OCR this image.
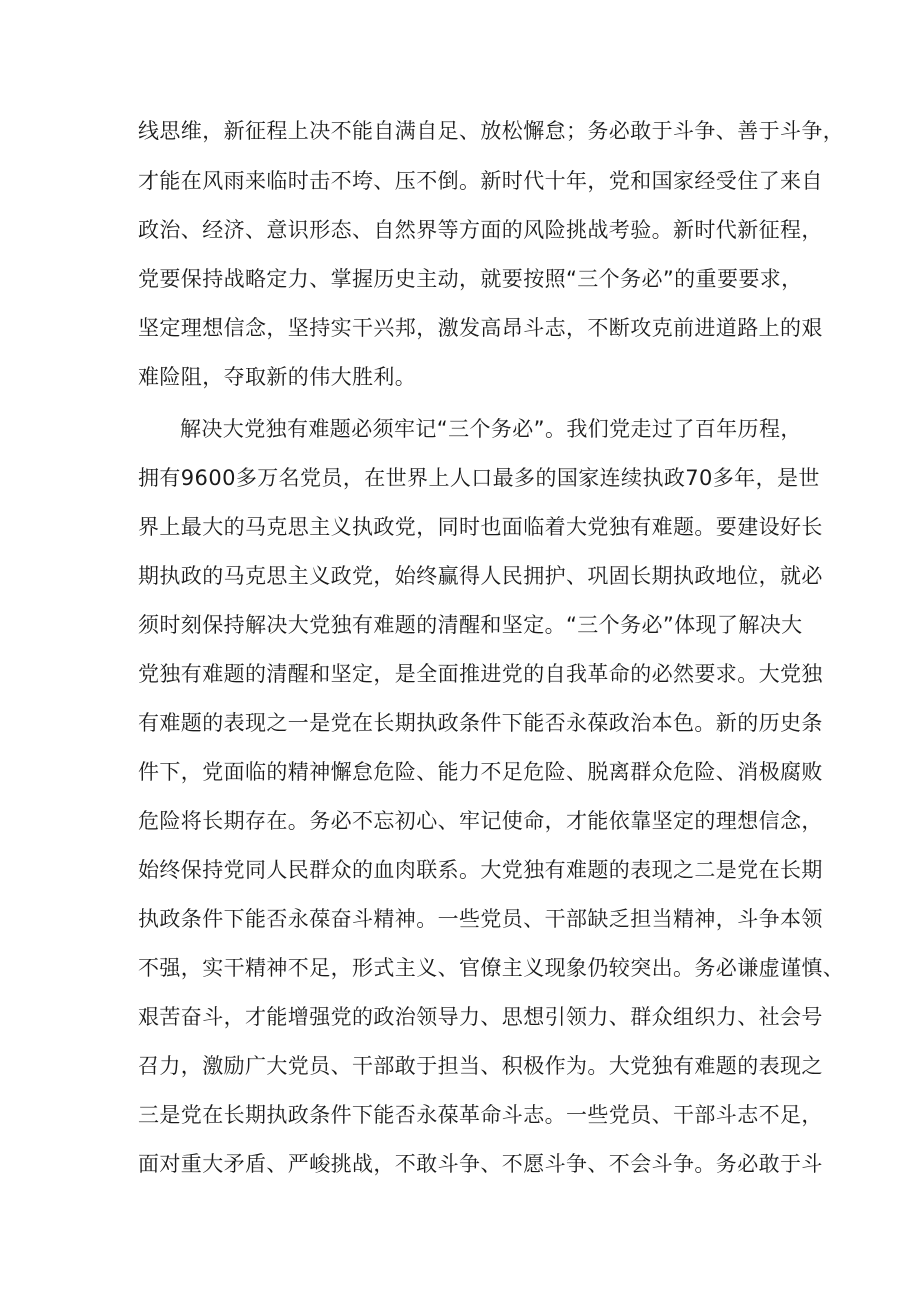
线思维，新征程上决不能自满自足、放松懈怠；务必敢于斗争、善于斗争，
才能在风雨来临时击不垮、压不倒。新时代十年，党和国家经受住了来自
政治、经济、意识形态、自然界等方面的风险挑战考验。新时代新征程，
党要保持战略定力、掌握历史主动，就要按照“三个务必”的重要要求，
坚定理想信念，坚持实干兴邦，激发高昂斗志，不断攻克前进道路上的艰
难险阻，夺取新的伟大胜利。
解决大党独有难题必须牢记“三个务必”。我们党走过了百年历程，
拥有9600多万名党员，在世界上人口最多的国家连续执政70多年，是世
界上最大的马克思主义执政党，同时也面临着大党独有难题。要建设好长
期执政的马克思主义政党，始终赢得人民拥护、巩固长期执政地位，就必
须时刻保持解决大党独有难题的清醒和坚定。“三个务必”体现了解决大
党独有难题的清醒和坚定，是全面推进党的自我革命的必然要求。大党独
有难题的表现之一是党在长期执政条件下能否永葆政治本色。新的历史条
件下，党面临的精神懈怠危险、能力不足危险、脱离群众危险、消极腐败
危险将长期存在。务必不忘初心、牢记使命，才能依靠坚定的理想信念，
始终保持党同人民群众的血肉联系。大党独有难题的表现之二是党在长期
执政条件下能否永葆奋斗精神。一些党员、干部缺乏担当精神，斗争本领
不强，实干精神不足，形式主义、官僚主义现象仍较突出。务必谦虚谨慎、
艰苦奋斗，才能增强党的政治领导力、思想引领力、群众组织力、社会号
召力，激励广大党员、干部敢于担当、积极作为。大党独有难题的表现之
三是党在长期执政条件下能否永葆革命斗志。一些党员、干部斗志不足，
面对重大矛盾、严峻挑战，不敢斗争、不愿斗争、不会斗争。务必敢于斗
